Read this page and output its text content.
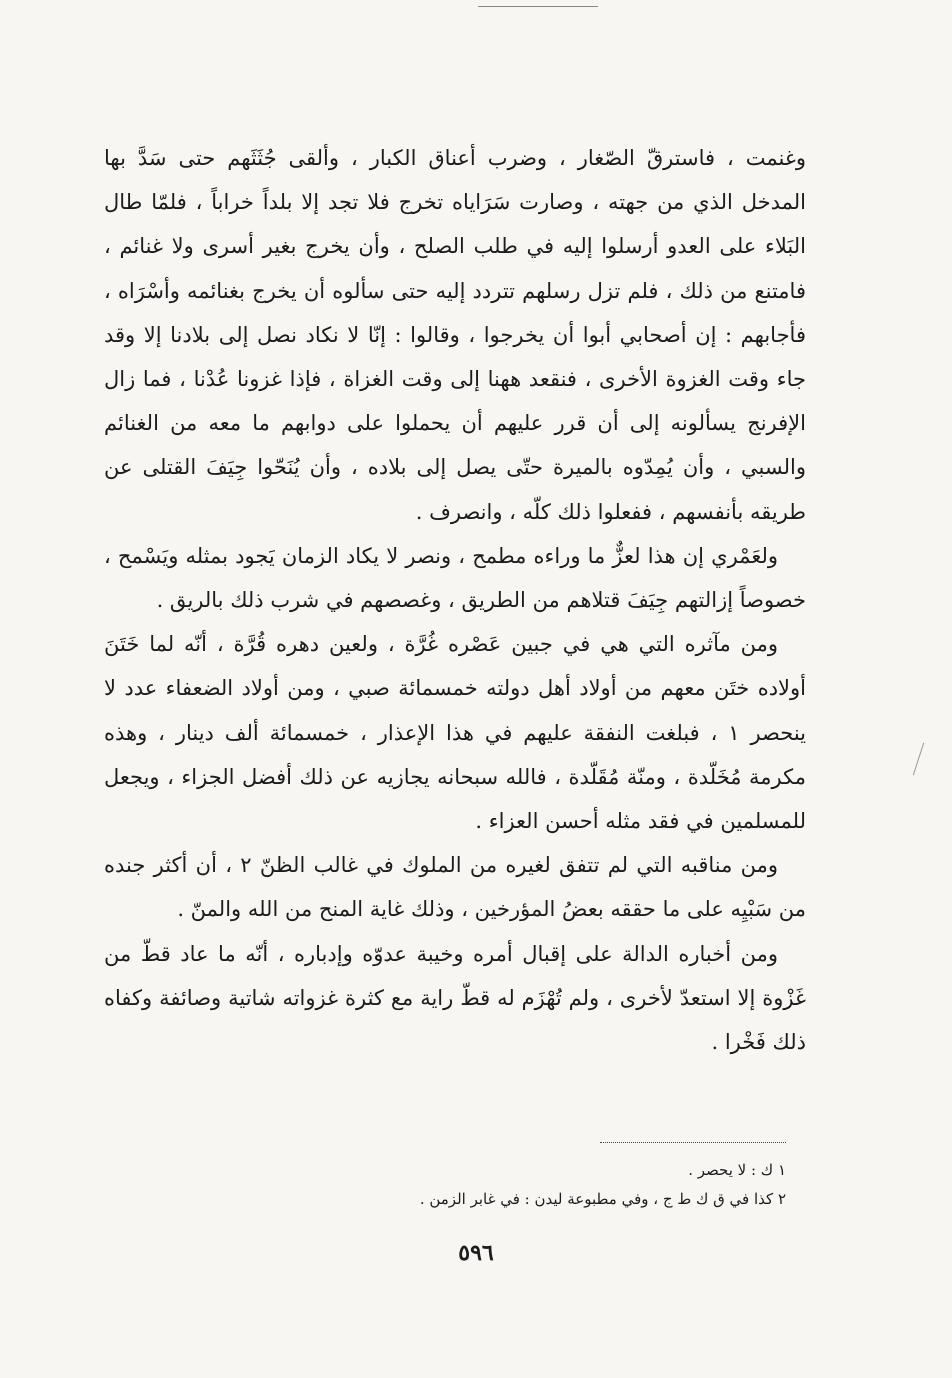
وغنمت ، فاسترقّ الصّغار ، وضرب أعناق الكبار ، وألقى جُثَثَهم حتى سَدَّ بها المدخل الذي من جهته ، وصارت سَرَاياه تخرج فلا تجد إلا بلداً خراباً ، فلمّا طال البَلاء على العدو أرسلوا إليه في طلب الصلح ، وأن يخرج بغير أسرى ولا غنائم ، فامتنع من ذلك ، فلم تزل رسلهم تتردد إليه حتى سألوه أن يخرج بغنائمه وأسْرَاه ، فأجابهم : إن أصحابي أبوا أن يخرجوا ، وقالوا : إنّا لا نكاد نصل إلى بلادنا إلا وقد جاء وقت الغزوة الأخرى ، فنقعد ههنا إلى وقت الغزاة ، فإذا غزونا عُدْنا ، فما زال الإفرنج يسألونه إلى أن قرر عليهم أن يحملوا على دوابهم ما معه من الغنائم والسبي ، وأن يُمِدّوه بالميرة حتّى يصل إلى بلاده ، وأن يُنَحّوا جِيَفَ القتلى عن طريقه بأنفسهم ، ففعلوا ذلك كلّه ، وانصرف .

ولعَمْري إن هذا لعزٌّ ما وراءه مطمح ، ونصر لا يكاد الزمان يَجود بمثله ويَسْمح ، خصوصاً إزالتهم جِيَفَ قتلاهم من الطريق ، وغصصهم في شرب ذلك بالريق .

ومن مآثره التي هي في جبين عَصْره غُرَّة ، ولعين دهره قُرَّة ، أنّه لما خَتَنَ أولاده ختَن معهم من أولاد أهل دولته خمسمائة صبي ، ومن أولاد الضعفاء عدد لا ينحصر ١ ، فبلغت النفقة عليهم في هذا الإعذار ، خمسمائة ألف دينار ، وهذه مكرمة مُخَلّدة ، ومنّة مُقَلّدة ، فالله سبحانه يجازيه عن ذلك أفضل الجزاء ، ويجعل للمسلمين في فقد مثله أحسن العزاء .

ومن مناقبه التي لم تتفق لغيره من الملوك في غالب الظنّ ٢ ، أن أكثر جنده من سَبْيِه على ما حققه بعضُ المؤرخين ، وذلك غاية المنح من الله والمنّ .

ومن أخباره الدالة على إقبال أمره وخيبة عدوّه وإدباره ، أنّه ما عاد قطّ من غَزْوة إلا استعدّ لأخرى ، ولم تُهْزَم له قطّ راية مع كثرة غزواته شاتية وصائفة وكفاه ذلك فَخْرا .

١ ك : لا يحصر .
٢ كذا في ق ك ط ج ، وفي مطبوعة ليدن : في غابر الزمن .
٥٩٦
